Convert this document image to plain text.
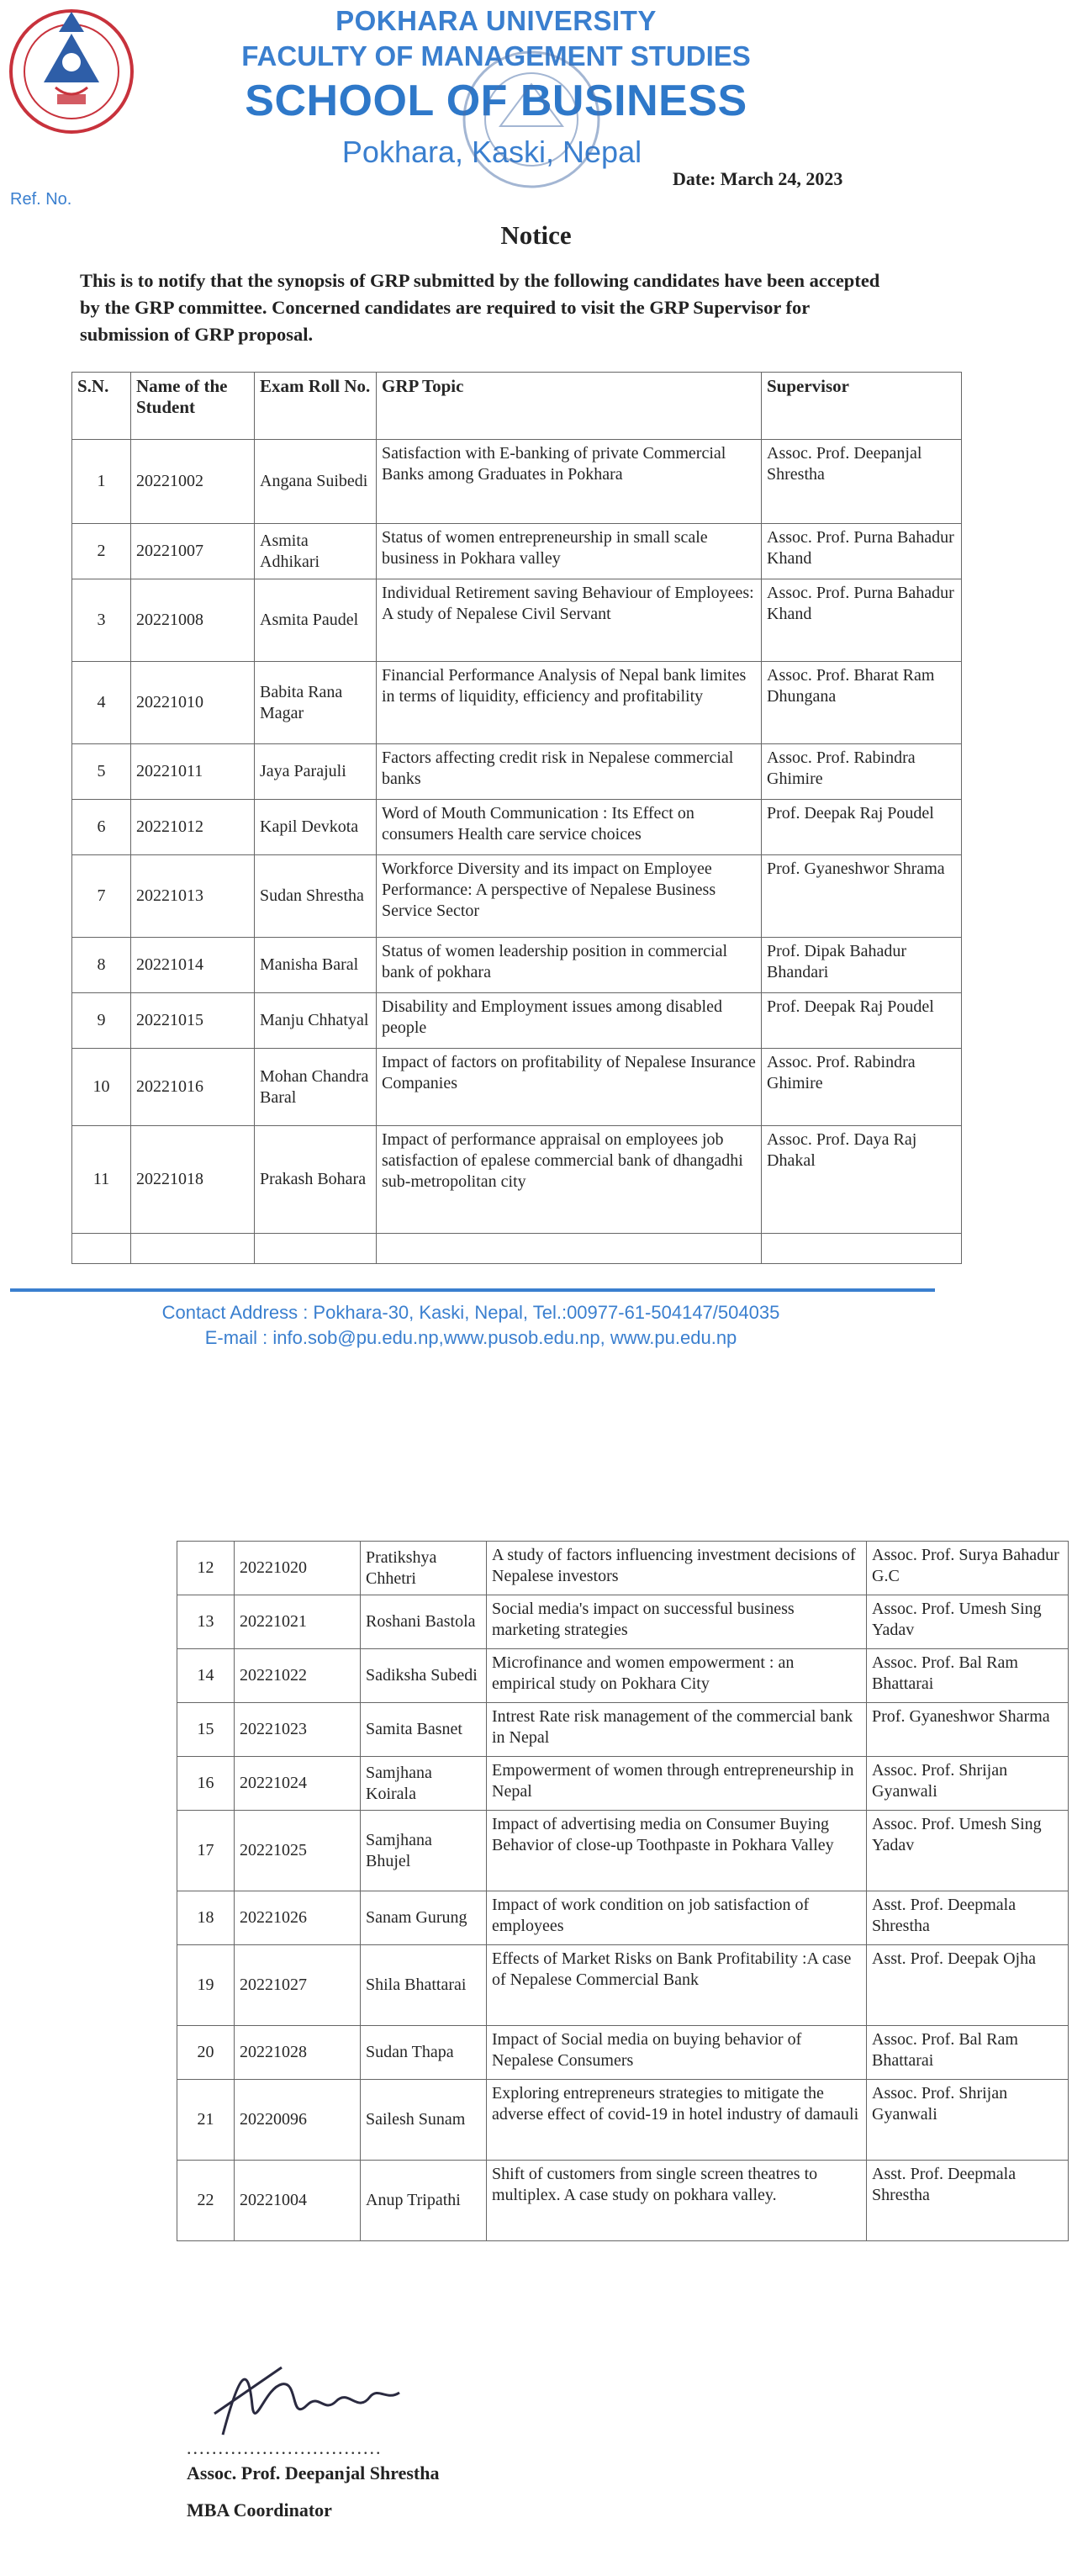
POKHARA UNIVERSITY
FACULTY OF MANAGEMENT STUDIES
SCHOOL OF BUSINESS
Pokhara, Kaski, Nepal
Date: March 24, 2023
Ref. No.
Notice
This is to notify that the synopsis of GRP submitted by the following candidates have been accepted by the GRP committee. Concerned candidates are required to visit the GRP Supervisor for submission of GRP proposal.
S.N.	Name of the Student	Exam Roll No.	GRP Topic	Supervisor
1	20221002	Angana Suibedi	Satisfaction with E-banking of private Commercial Banks among Graduates in Pokhara	Assoc. Prof. Deepanjal Shrestha
2	20221007	Asmita Adhikari	Status of women entrepreneurship in small scale business in Pokhara valley	Assoc. Prof. Purna Bahadur Khand
3	20221008	Asmita Paudel	Individual Retirement saving Behaviour of Employees: A study of Nepalese Civil Servant	Assoc. Prof. Purna Bahadur Khand
4	20221010	Babita Rana Magar	Financial Performance Analysis of Nepal bank limites in terms of liquidity, efficiency and profitability	Assoc. Prof. Bharat Ram Dhungana
5	20221011	Jaya Parajuli	Factors affecting credit risk in Nepalese commercial banks	Assoc. Prof. Rabindra Ghimire
6	20221012	Kapil Devkota	Word of Mouth Communication : Its Effect on consumers Health care service choices	Prof. Deepak Raj Poudel
7	20221013	Sudan Shrestha	Workforce Diversity and its impact on Employee Performance: A perspective of Nepalese Business Service Sector	Prof. Gyaneshwor Shrama
8	20221014	Manisha Baral	Status of women leadership position in commercial bank of pokhara	Prof. Dipak Bahadur Bhandari
9	20221015	Manju Chhatyal	Disability and Employment issues among disabled people	Prof. Deepak Raj Poudel
10	20221016	Mohan Chandra Baral	Impact of factors on profitability of Nepalese Insurance Companies	Assoc. Prof. Rabindra Ghimire
11	20221018	Prakash Bohara	Impact of performance appraisal on employees job satisfaction of epalese commercial bank of dhangadhi sub-metropolitan city	Assoc. Prof. Daya Raj Dhakal

Contact Address : Pokhara-30, Kaski, Nepal, Tel.:00977-61-504147/504035
E-mail : info.sob@pu.edu.np,www.pusob.edu.np, www.pu.edu.np
12	20221020	Pratikshya Chhetri	A study of factors influencing investment decisions of Nepalese investors	Assoc. Prof. Surya Bahadur G.C
13	20221021	Roshani Bastola	Social media's impact on successful business marketing strategies	Assoc. Prof. Umesh Sing Yadav
14	20221022	Sadiksha Subedi	Microfinance and women empowerment : an empirical study on Pokhara City	Assoc. Prof. Bal Ram Bhattarai
15	20221023	Samita Basnet	Intrest Rate risk management of the commercial bank in Nepal	Prof. Gyaneshwor Sharma
16	20221024	Samjhana Koirala	Empowerment of women through entrepreneurship in Nepal	Assoc. Prof. Shrijan Gyanwali
17	20221025	Samjhana Bhujel	Impact of advertising media on Consumer Buying Behavior of close-up Toothpaste in Pokhara Valley	Assoc. Prof. Umesh Sing Yadav
18	20221026	Sanam Gurung	Impact of work condition on job satisfaction of employees	Asst. Prof. Deepmala Shrestha
19	20221027	Shila Bhattarai	Effects of Market Risks on Bank Profitability :A case of Nepalese Commercial Bank	Asst. Prof. Deepak Ojha
20	20221028	Sudan Thapa	Impact of Social media on buying behavior of Nepalese Consumers	Assoc. Prof. Bal Ram Bhattarai
21	20220096	Sailesh Sunam	Exploring entrepreneurs strategies to mitigate the adverse effect of covid-19 in hotel industry of damauli	Assoc. Prof. Shrijan Gyanwali
22	20221004	Anup Tripathi	Shift of customers from single screen theatres to multiplex. A case study on pokhara valley.	Asst. Prof. Deepmala Shrestha
...............................
Assoc. Prof. Deepanjal Shrestha
MBA Coordinator
